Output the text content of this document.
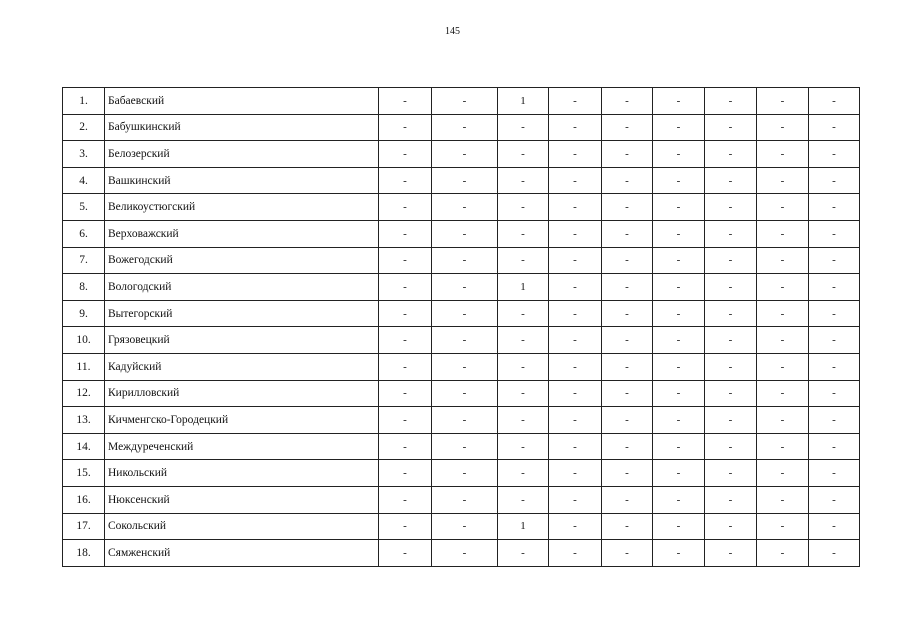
145
1.	Бабаевский	-	-	1	-	-	-	-	-	-
2.	Бабушкинский	-	-	-	-	-	-	-	-	-
3.	Белозерский	-	-	-	-	-	-	-	-	-
4.	Вашкинский	-	-	-	-	-	-	-	-	-
5.	Великоустюгский	-	-	-	-	-	-	-	-	-
6.	Верховажский	-	-	-	-	-	-	-	-	-
7.	Вожегодский	-	-	-	-	-	-	-	-	-
8.	Вологодский	-	-	1	-	-	-	-	-	-
9.	Вытегорский	-	-	-	-	-	-	-	-	-
10.	Грязовецкий	-	-	-	-	-	-	-	-	-
11.	Кадуйский	-	-	-	-	-	-	-	-	-
12.	Кирилловский	-	-	-	-	-	-	-	-	-
13.	Кичменгско-Городецкий	-	-	-	-	-	-	-	-	-
14.	Междуреченский	-	-	-	-	-	-	-	-	-
15.	Никольский	-	-	-	-	-	-	-	-	-
16.	Нюксенский	-	-	-	-	-	-	-	-	-
17.	Сокольский	-	-	1	-	-	-	-	-	-
18.	Сямженский	-	-	-	-	-	-	-	-	-
